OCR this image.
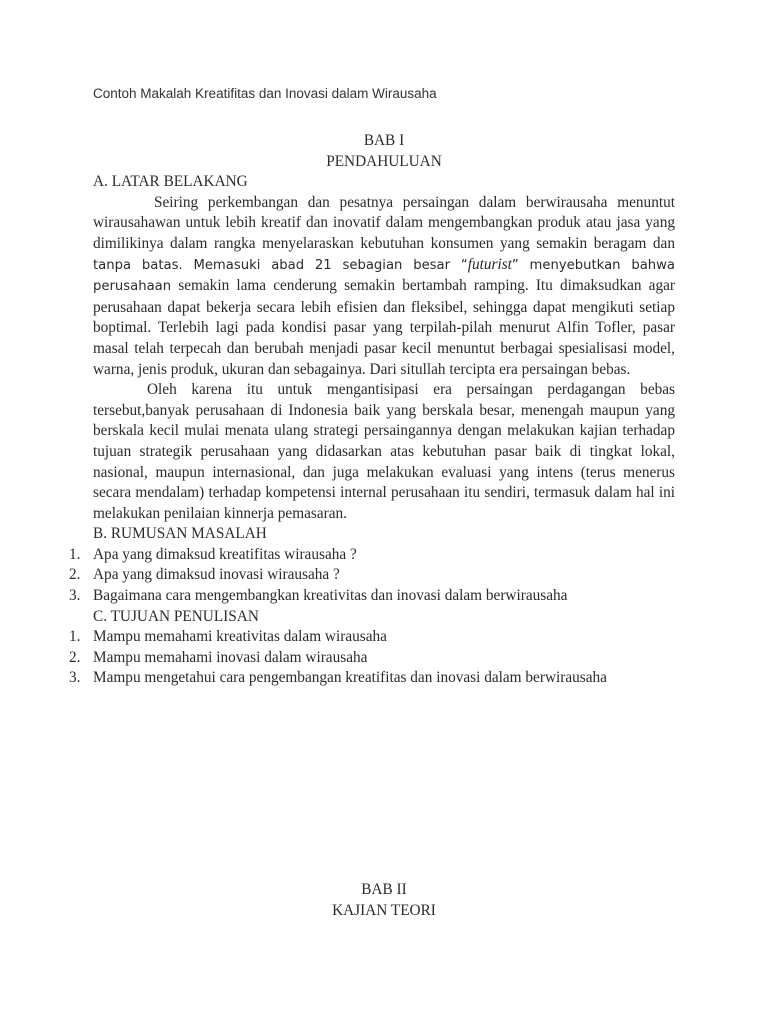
Contoh Makalah Kreatifitas dan Inovasi dalam Wirausaha

BAB I

PENDAHULUAN

A. LATAR BELAKANG

Seiring perkembangan dan pesatnya persaingan dalam berwirausaha menuntut wirausahawan untuk lebih kreatif dan inovatif dalam mengembangkan produk atau jasa yang dimilikinya dalam rangka menyelaraskan kebutuhan konsumen yang semakin beragam dan tanpa batas. Memasuki abad 21 sebagian besar “futurist” menyebutkan bahwa perusahaan semakin lama cenderung semakin bertambah ramping. Itu dimaksudkan agar perusahaan dapat bekerja secara lebih efisien dan fleksibel, sehingga dapat mengikuti setiap boptimal. Terlebih lagi pada kondisi pasar yang terpilah-pilah menurut Alfin Tofler, pasar masal telah terpecah dan berubah menjadi pasar kecil menuntut berbagai spesialisasi model, warna, jenis produk, ukuran dan sebagainya. Dari situllah tercipta era persaingan bebas.

Oleh karena itu untuk mengantisipasi era persaingan perdagangan bebas tersebut,banyak perusahaan di Indonesia baik yang berskala besar, menengah maupun yang berskala kecil mulai menata ulang strategi persaingannya dengan melakukan kajian terhadap tujuan strategik perusahaan yang didasarkan atas kebutuhan pasar baik di tingkat lokal, nasional, maupun internasional, dan juga melakukan evaluasi yang intens (terus menerus secara mendalam) terhadap kompetensi internal perusahaan itu sendiri, termasuk dalam hal ini melakukan penilaian kinnerja pemasaran.

B. RUMUSAN MASALAH

1. Apa yang dimaksud kreatifitas wirausaha ?
2. Apa yang dimaksud inovasi wirausaha ?
3. Bagaimana cara mengembangkan kreativitas dan inovasi dalam berwirausaha

C. TUJUAN PENULISAN

1. Mampu memahami kreativitas dalam wirausaha
2. Mampu memahami inovasi dalam wirausaha
3. Mampu mengetahui cara pengembangan kreatifitas dan inovasi dalam berwirausaha

BAB II

KAJIAN TEORI
